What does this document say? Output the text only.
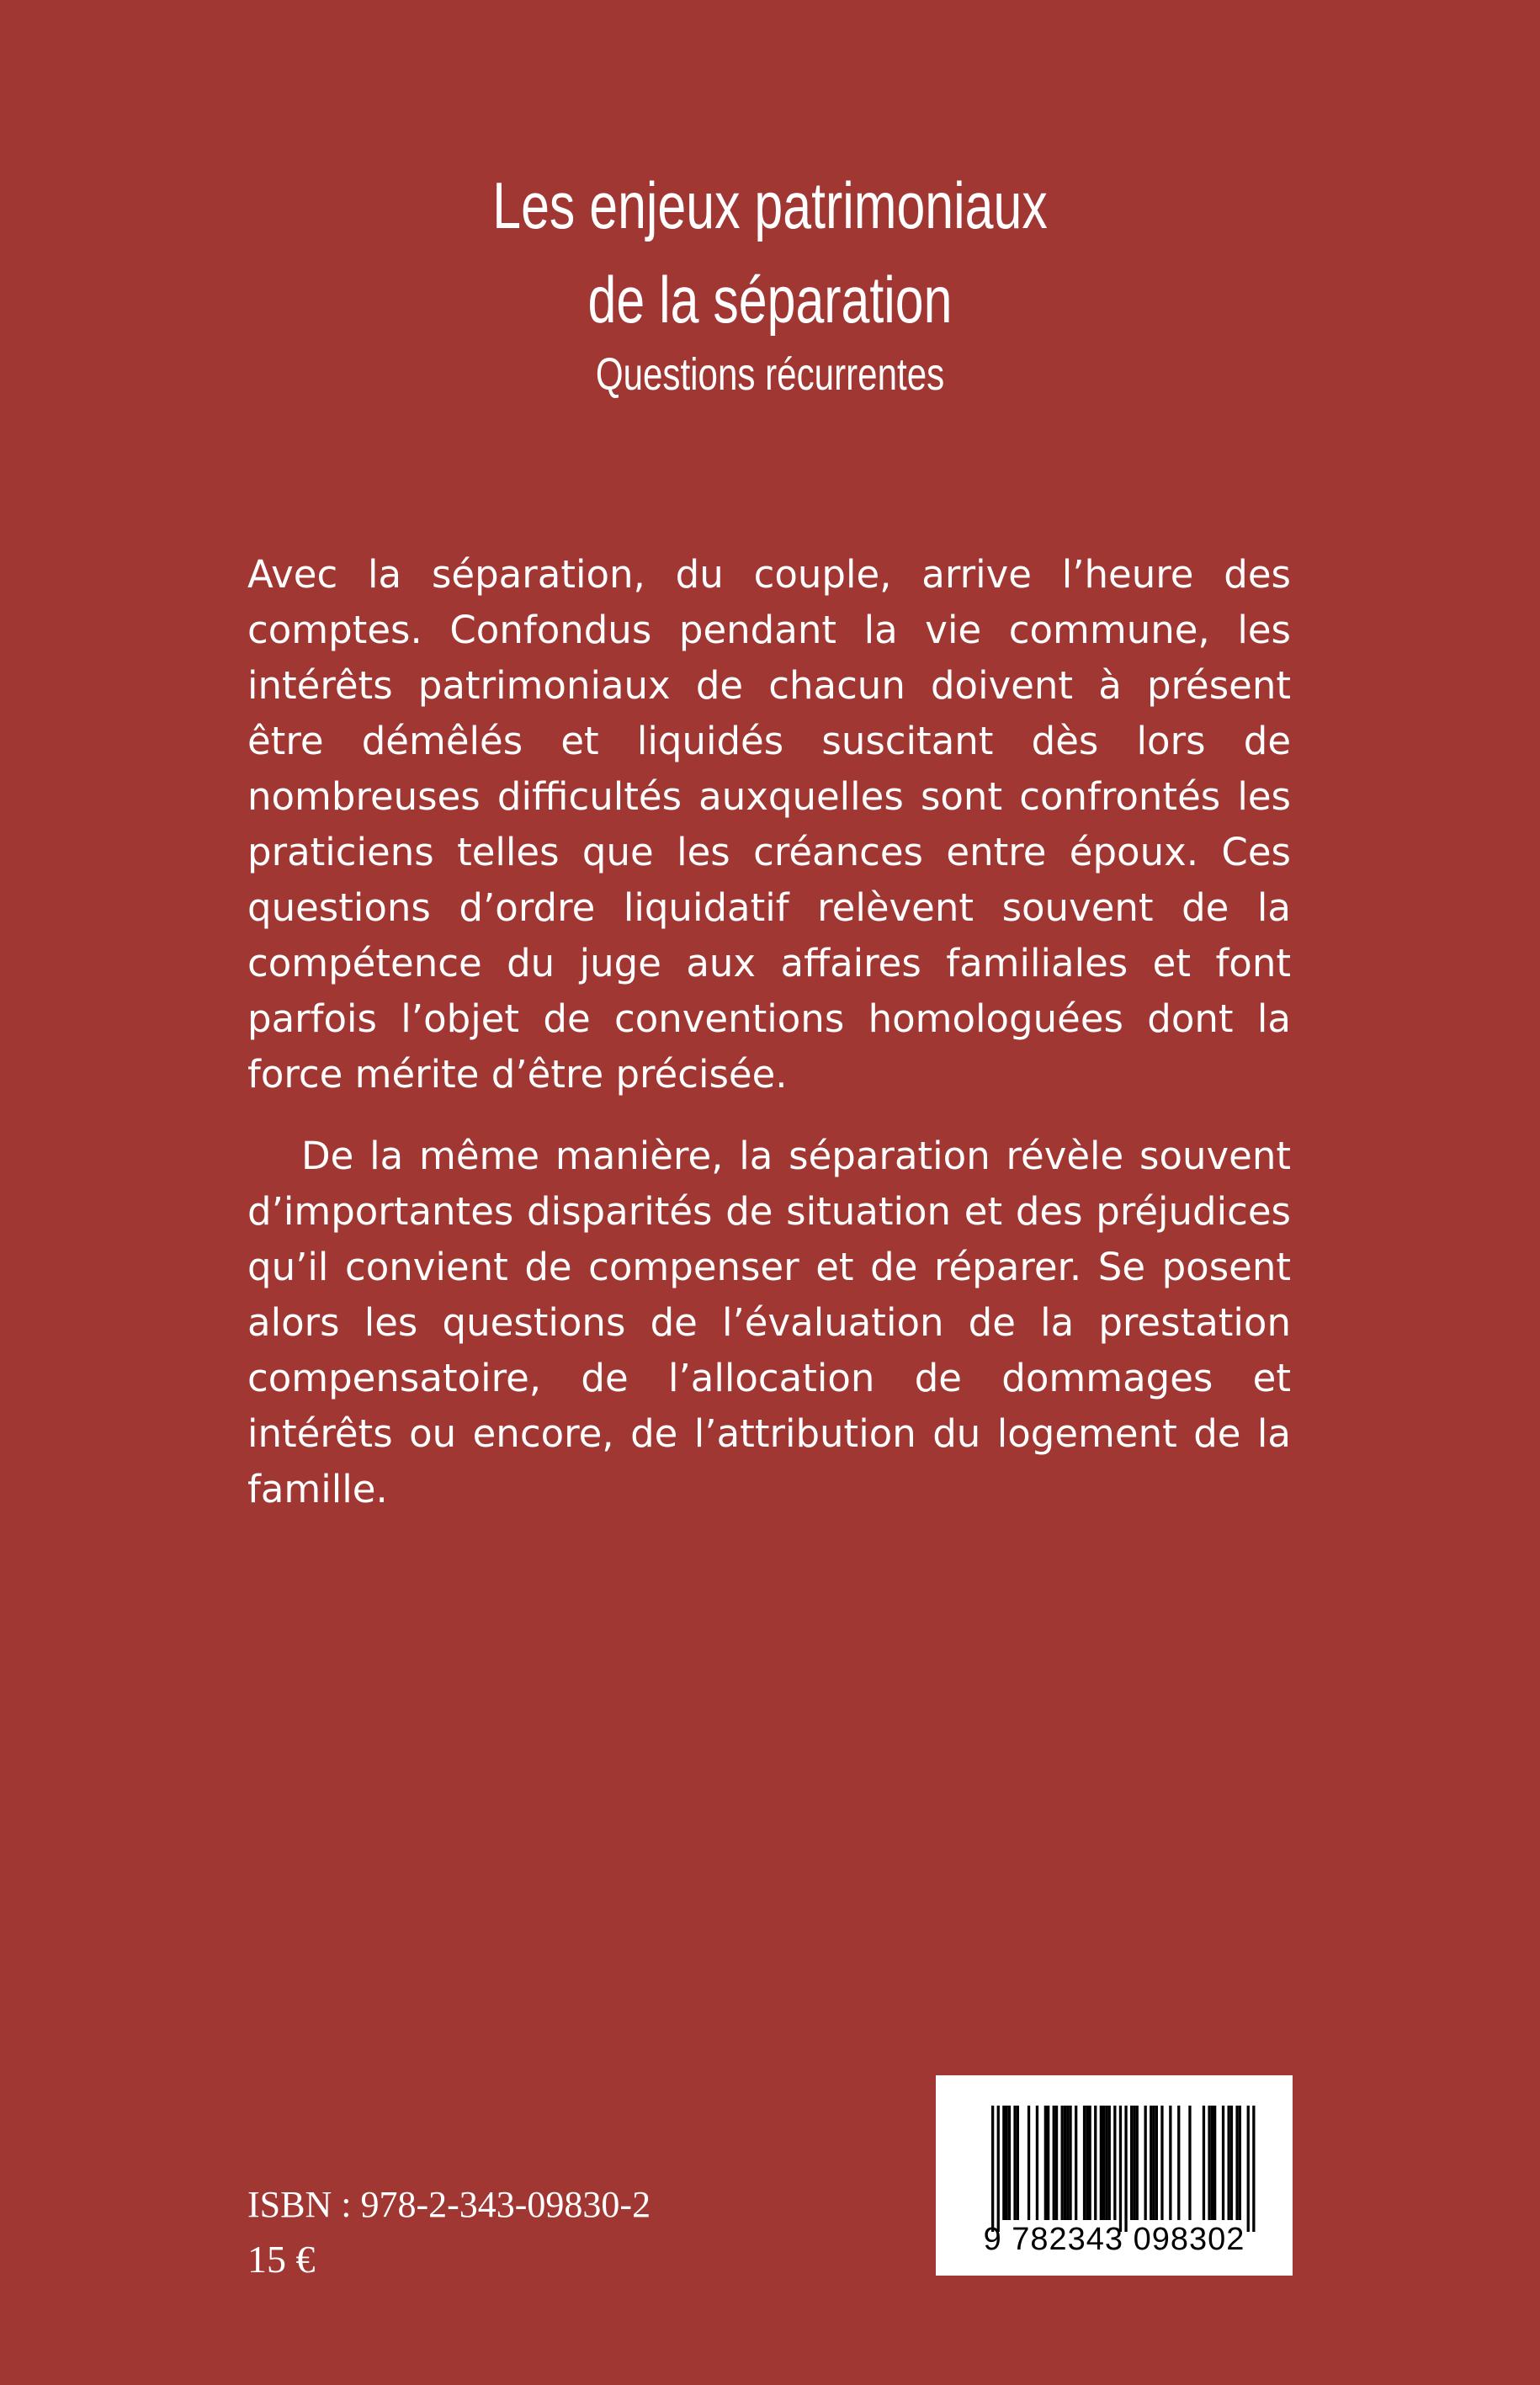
Les enjeux patrimoniaux
de la séparation
Questions récurrentes

Avec la séparation, du couple, arrive l’heure des comptes. Confondus pendant la vie commune, les intérêts patrimoniaux de chacun doivent à présent être démêlés et liquidés suscitant dès lors de nombreuses difficultés auxquelles sont confrontés les praticiens telles que les créances entre époux. Ces questions d’ordre liquidatif relèvent souvent de la compétence du juge aux affaires familiales et font parfois l’objet de conventions homologuées dont la force mérite d’être précisée.

De la même manière, la séparation révèle souvent d’importantes disparités de situation et des préjudices qu’il convient de compenser et de réparer. Se posent alors les questions de l’évaluation de la prestation compensatoire, de l’allocation de dommages et intérêts ou encore, de l’attribution du logement de la famille.

ISBN : 978-2-343-09830-2
15 €	9 782343 098302
